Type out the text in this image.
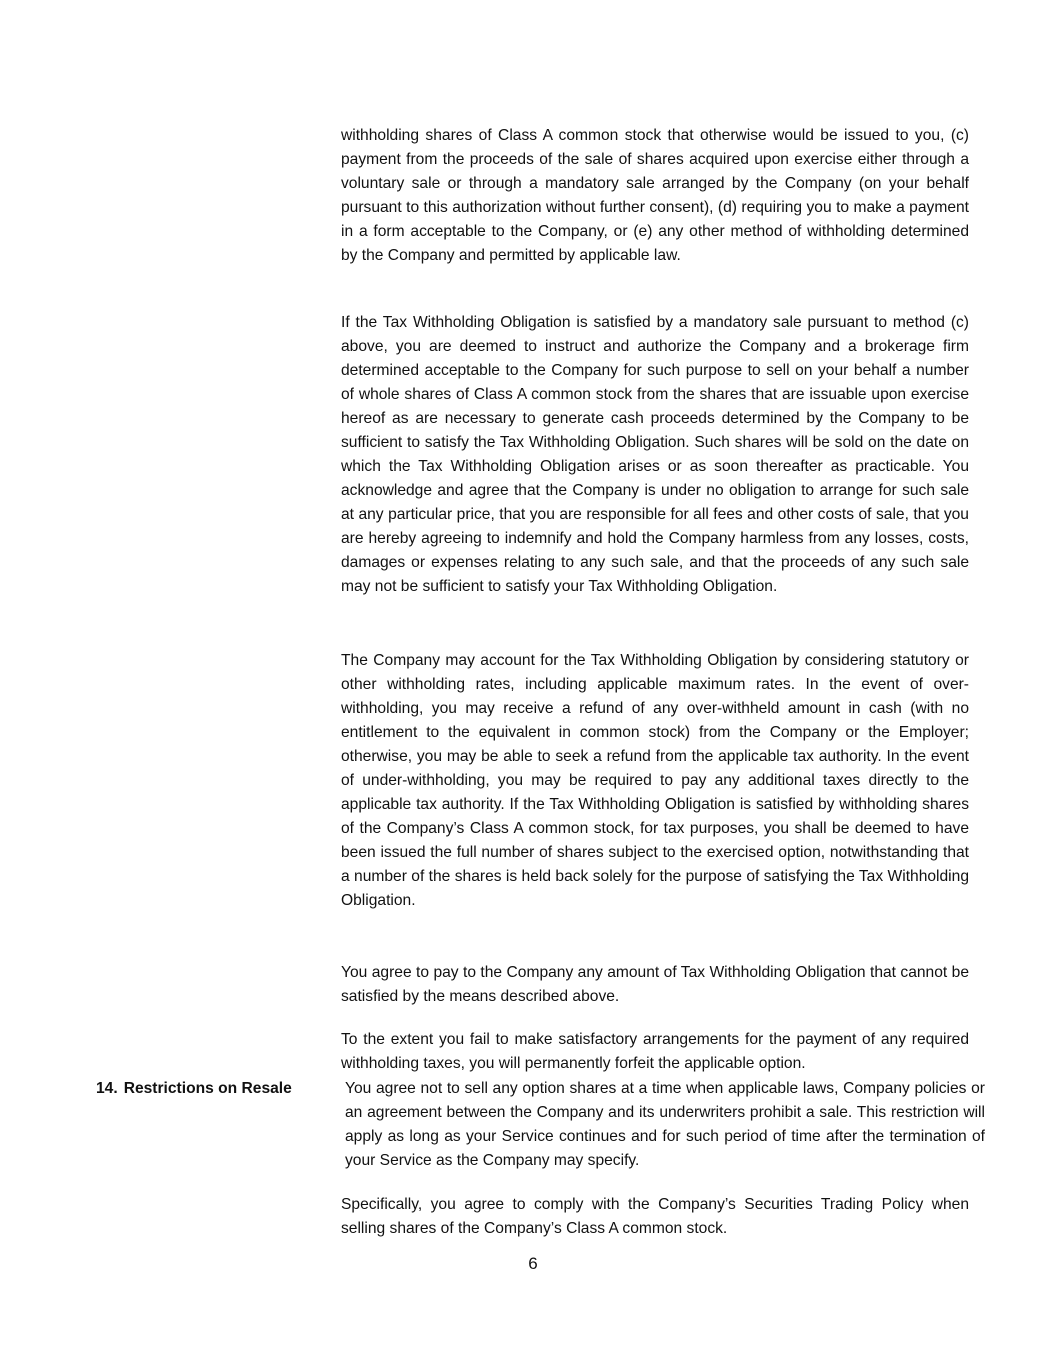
withholding shares of Class A common stock that otherwise would be issued to you, (c) payment from the proceeds of the sale of shares acquired upon exercise either through a voluntary sale or through a mandatory sale arranged by the Company (on your behalf pursuant to this authorization without further consent), (d) requiring you to make a payment in a form acceptable to the Company, or (e) any other method of withholding determined by the Company and permitted by applicable law.

If the Tax Withholding Obligation is satisfied by a mandatory sale pursuant to method (c) above, you are deemed to instruct and authorize the Company and a brokerage firm determined acceptable to the Company for such purpose to sell on your behalf a number of whole shares of Class A common stock from the shares that are issuable upon exercise hereof as are necessary to generate cash proceeds determined by the Company to be sufficient to satisfy the Tax Withholding Obligation. Such shares will be sold on the date on which the Tax Withholding Obligation arises or as soon thereafter as practicable. You acknowledge and agree that the Company is under no obligation to arrange for such sale at any particular price, that you are responsible for all fees and other costs of sale, that you are hereby agreeing to indemnify and hold the Company harmless from any losses, costs, damages or expenses relating to any such sale, and that the proceeds of any such sale may not be sufficient to satisfy your Tax Withholding Obligation.

The Company may account for the Tax Withholding Obligation by considering statutory or other withholding rates, including applicable maximum rates. In the event of over-withholding, you may receive a refund of any over-withheld amount in cash (with no entitlement to the equivalent in common stock) from the Company or the Employer; otherwise, you may be able to seek a refund from the applicable tax authority. In the event of under-withholding, you may be required to pay any additional taxes directly to the applicable tax authority. If the Tax Withholding Obligation is satisfied by withholding shares of the Company’s Class A common stock, for tax purposes, you shall be deemed to have been issued the full number of shares subject to the exercised option, notwithstanding that a number of the shares is held back solely for the purpose of satisfying the Tax Withholding Obligation.

You agree to pay to the Company any amount of Tax Withholding Obligation that cannot be satisfied by the means described above.

To the extent you fail to make satisfactory arrangements for the payment of any required withholding taxes, you will permanently forfeit the applicable option.

14. Restrictions on Resale	You agree not to sell any option shares at a time when applicable laws, Company policies or an agreement between the Company and its underwriters prohibit a sale. This restriction will apply as long as your Service continues and for such period of time after the termination of your Service as the Company may specify.

Specifically, you agree to comply with the Company’s Securities Trading Policy when selling shares of the Company’s Class A common stock.

6
